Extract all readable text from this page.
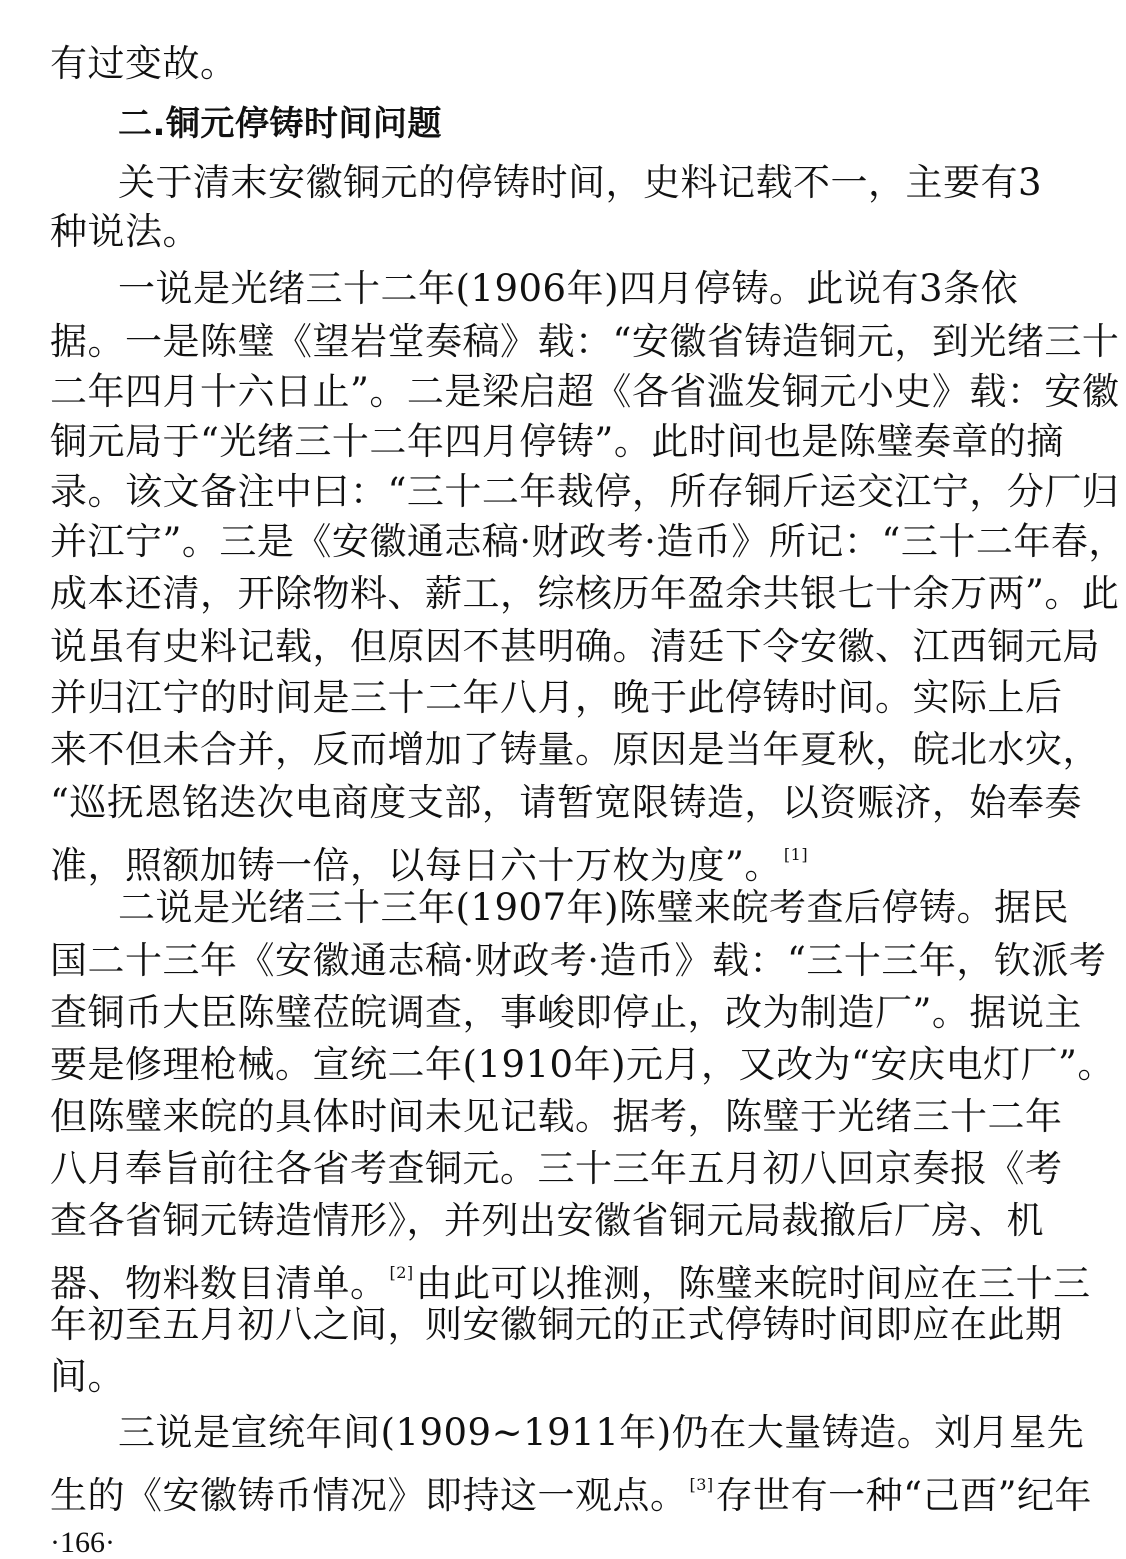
有过变故。
二.铜元停铸时间问题
关于清末安徽铜元的停铸时间，史料记载不一，主要有3
种说法。
一说是光绪三十二年(1906年)四月停铸。此说有3条依
据。一是陈璧《望岩堂奏稿》载：“安徽省铸造铜元，到光绪三十
二年四月十六日止”。二是梁启超《各省滥发铜元小史》载：安徽
铜元局于“光绪三十二年四月停铸”。此时间也是陈璧奏章的摘
录。该文备注中曰：“三十二年裁停，所存铜斤运交江宁，分厂归
并江宁”。三是《安徽通志稿·财政考·造币》所记：“三十二年春，
成本还清，开除物料、薪工，综核历年盈余共银七十余万两”。此
说虽有史料记载，但原因不甚明确。清廷下令安徽、江西铜元局
并归江宁的时间是三十二年八月，晚于此停铸时间。实际上后
来不但未合并，反而增加了铸量。原因是当年夏秋，皖北水灾，
“巡抚恩铭迭次电商度支部，请暂宽限铸造，以资赈济，始奉奏
准，照额加铸一倍，以每日六十万枚为度”。 [1]
二说是光绪三十三年(1907年)陈璧来皖考查后停铸。据民
国二十三年《安徽通志稿·财政考·造币》载：“三十三年，钦派考
查铜币大臣陈璧莅皖调查，事峻即停止，改为制造厂”。据说主
要是修理枪械。宣统二年(1910年)元月，又改为“安庆电灯厂”。
但陈璧来皖的具体时间未见记载。据考，陈璧于光绪三十二年
八月奉旨前往各省考查铜元。三十三年五月初八回京奏报《考
查各省铜元铸造情形》，并列出安徽省铜元局裁撤后厂房、机
器、物料数目清单。 [2]由此可以推测，陈璧来皖时间应在三十三
年初至五月初八之间，则安徽铜元的正式停铸时间即应在此期
间。
三说是宣统年间(1909~1911年)仍在大量铸造。刘月星先
生的《安徽铸币情况》即持这一观点。 [3]存世有一种“己酉”纪年
·166·
